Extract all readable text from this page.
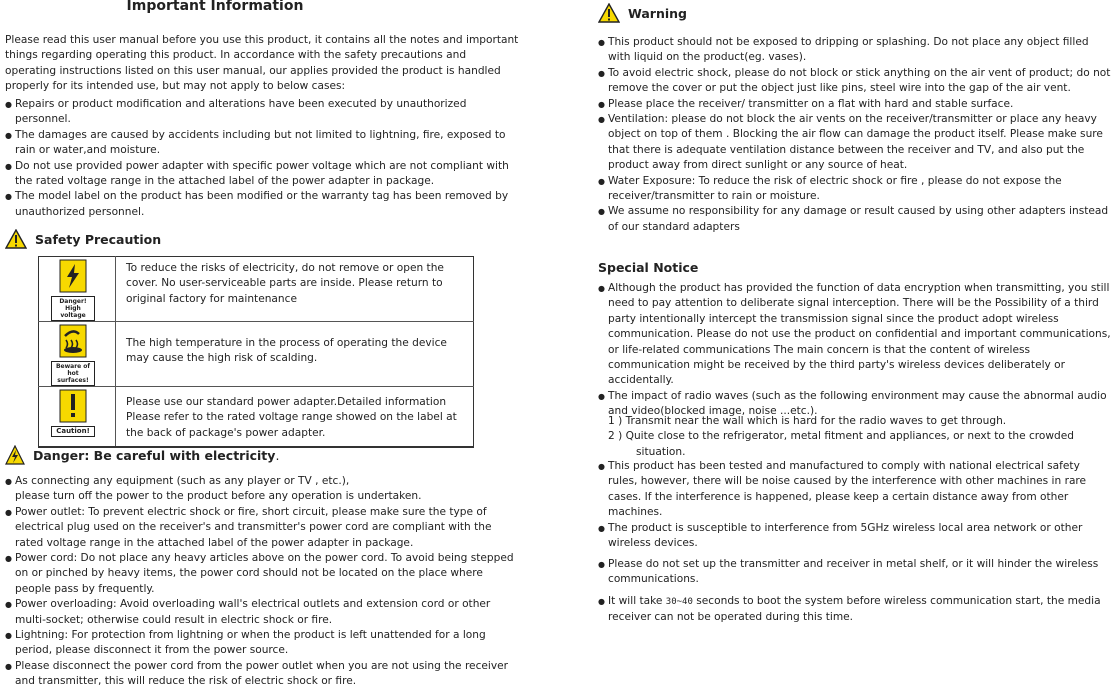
Important Information

Please read this user manual before you use this product, it contains all the notes and important things regarding operating this product. In accordance with the safety precautions and operating instructions listed on this user manual, our applies provided the product is handled properly for its intended use, but may not apply to below cases:

● Repairs or product modification and alterations have been executed by unauthorized personnel.
● The damages are caused by accidents including but not limited to lightning, fire, exposed to rain or water,and moisture.
● Do not use provided power adapter with specific power voltage which are not compliant with the rated voltage range in the attached label of the power adapter in package.
● The model label on the product has been modified or the warranty tag has been removed by unauthorized personnel.
Safety Precaution
Danger!
High voltage	To reduce the risks of electricity, do not remove or open the cover. No user-serviceable parts are inside. Please return to original factory for maintenance

Beware of
hot surfaces!	The high temperature in the process of operating the device may cause the high risk of scalding.

Caution!	Please use our standard power adapter.Detailed information Please refer to the rated voltage range showed on the label at the back of package's power adapter.
Danger: Be careful with electricity.
● As connecting any equipment (such as any player or TV , etc.),
please turn off the power to the product before any operation is undertaken.
● Power outlet: To prevent electric shock or fire, short circuit, please make sure the type of electrical plug used on the receiver's and transmitter's power cord are compliant with the rated voltage range in the attached label of the power adapter in package.
● Power cord: Do not place any heavy articles above on the power cord. To avoid being stepped on or pinched by heavy items, the power cord should not be located on the place where people pass by frequently.
● Power overloading: Avoid overloading wall's electrical outlets and extension cord or other multi-socket; otherwise could result in electric shock or fire.
● Lightning: For protection from lightning or when the product is left unattended for a long period, please disconnect it from the power source.
● Please disconnect the power cord from the power outlet when you are not using the receiver and transmitter, this will reduce the risk of electric shock or fire.
Warning
● This product should not be exposed to dripping or splashing. Do not place any object filled with liquid on the product(eg. vases).
● To avoid electric shock, please do not block or stick anything on the air vent of product; do not remove the cover or put the object just like pins, steel wire into the gap of the air vent.
● Please place the receiver/ transmitter on a flat with hard and stable surface.
● Ventilation: please do not block the air vents on the receiver/transmitter or place any heavy object on top of them . Blocking the air flow can damage the product itself. Please make sure that there is adequate ventilation distance between the receiver and TV, and also put the product away from direct sunlight or any source of heat.
● Water Exposure: To reduce the risk of electric shock or fire , please do not expose the receiver/transmitter to rain or moisture.
● We assume no responsibility for any damage or result caused by using other adapters instead of our standard adapters
Special Notice
● Although the product has provided the function of data encryption when transmitting, you still need to pay attention to deliberate signal interception. There will be the Possibility of a third party intentionally intercept the transmission signal since the product adopt wireless communication. Please do not use the product on confidential and important communications, or life-related communications The main concern is that the content of wireless communication might be received by the third party's wireless devices deliberately or accidentally.
● The impact of radio waves (such as the following environment may cause the abnormal audio and video(blocked image, noise ...etc.).

1 ) Transmit near the wall which is hard for the radio waves to get through.

2 ) Quite close to the refrigerator, metal fitment and appliances, or next to the crowded

situation.

● This product has been tested and manufactured to comply with national electrical safety rules, however, there will be noise caused by the interference with other machines in rare cases. If the interference is happened, please keep a certain distance away from other machines.
● The product is susceptible to interference from 5GHz wireless local area network or other wireless devices.
● Please do not set up the transmitter and receiver in metal shelf, or it will hinder the wireless communications.
● It will take 30~40 seconds to boot the system before wireless communication start, the media receiver can not be operated during this time.
